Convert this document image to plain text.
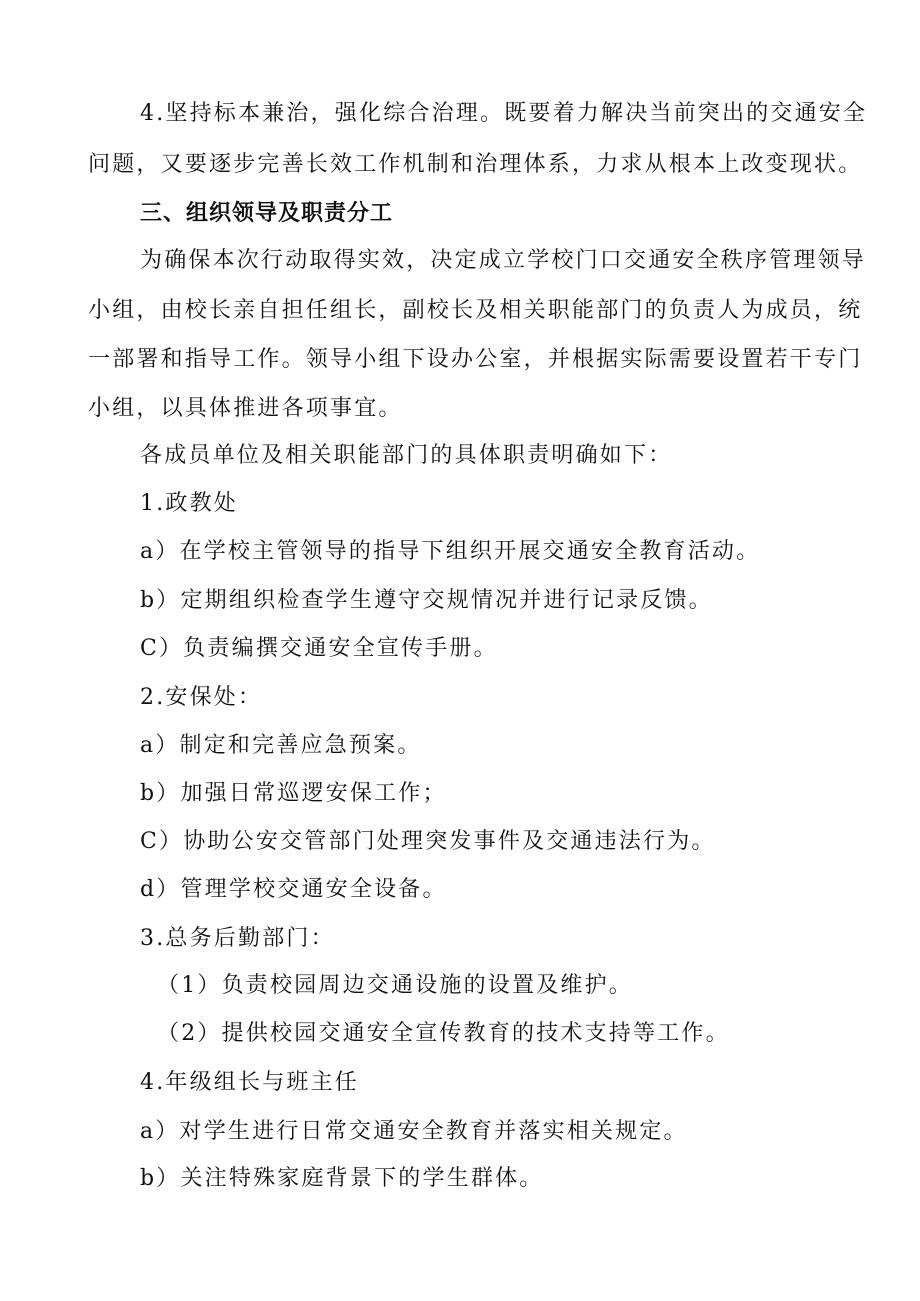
4.坚持标本兼治，强化综合治理。既要着力解决当前突出的交通安全
问题，又要逐步完善长效工作机制和治理体系，力求从根本上改变现状。
三、组织领导及职责分工
为确保本次行动取得实效，决定成立学校门口交通安全秩序管理领导
小组，由校长亲自担任组长，副校长及相关职能部门的负责人为成员，统
一部署和指导工作。领导小组下设办公室，并根据实际需要设置若干专门
小组，以具体推进各项事宜。
各成员单位及相关职能部门的具体职责明确如下：
1.政教处
a）在学校主管领导的指导下组织开展交通安全教育活动。
b）定期组织检查学生遵守交规情况并进行记录反馈。
C）负责编撰交通安全宣传手册。
2.安保处：
a）制定和完善应急预案。
b）加强日常巡逻安保工作；
C）协助公安交管部门处理突发事件及交通违法行为。
d）管理学校交通安全设备。
3.总务后勤部门：
（1）负责校园周边交通设施的设置及维护。
（2）提供校园交通安全宣传教育的技术支持等工作。
4.年级组长与班主任
a）对学生进行日常交通安全教育并落实相关规定。
b）关注特殊家庭背景下的学生群体。
